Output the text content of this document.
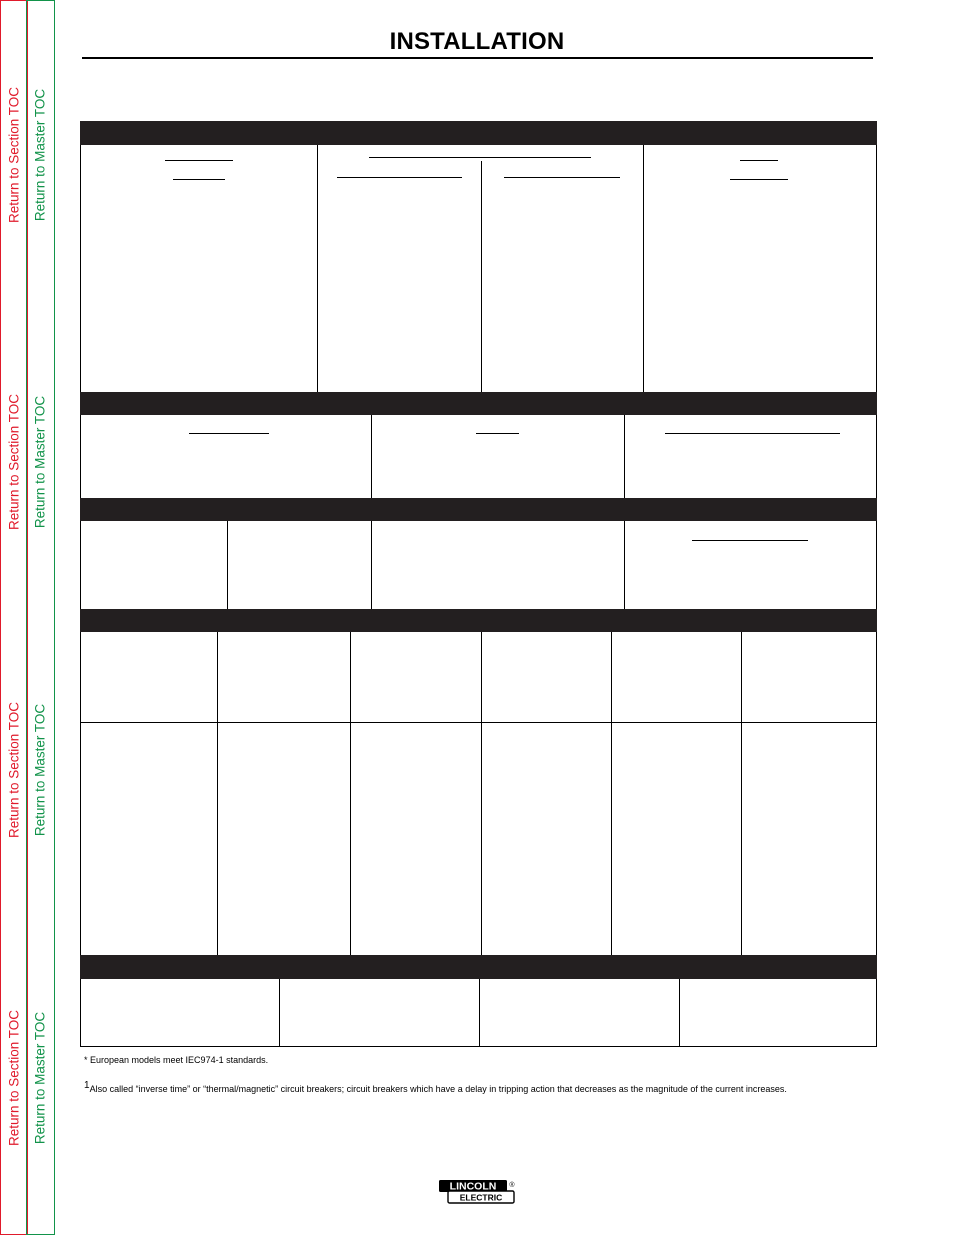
Return to Section TOC Return to Master TOC
Return to Section TOC Return to Master TOC
Return to Section TOC Return to Master TOC
Return to Section TOC Return to Master TOC
INSTALLATION
* European models meet IEC974-1 standards.
1Also called “inverse time” or “thermal/magnetic” circuit breakers; circuit breakers which have a delay in tripping action that decreases as the magnitude of the current increases.
LINCOLN
ELECTRIC
®
